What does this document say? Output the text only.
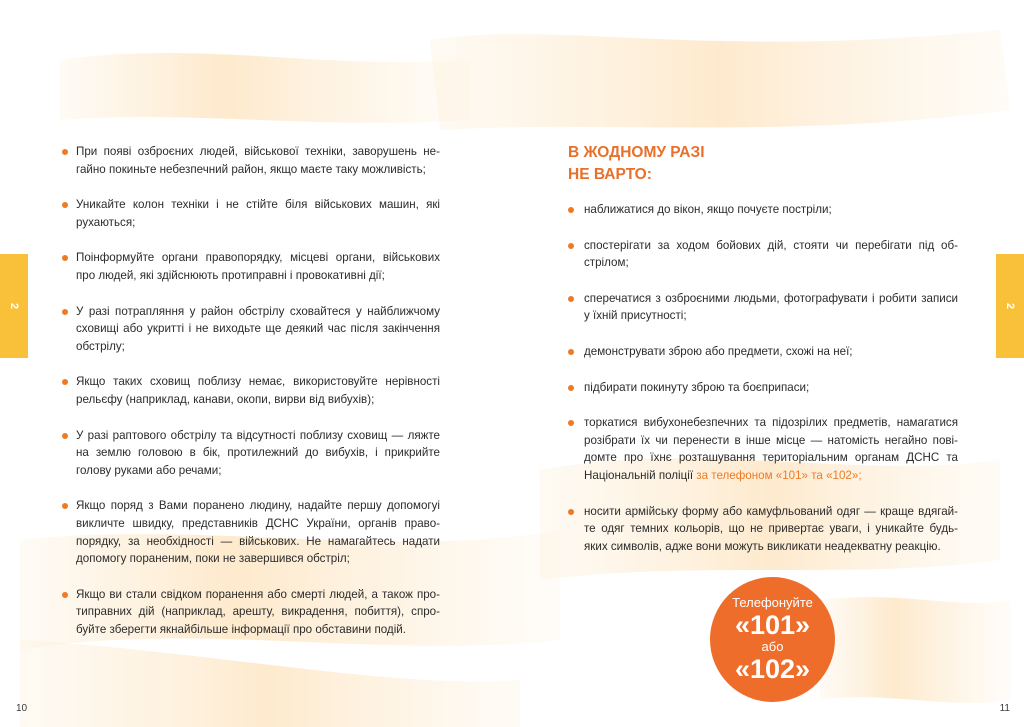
2
При появі озброєних людей, військової техніки, заворушень не-гайно покиньте небезпечний район, якщо маєте таку можливість;
Уникайте колон техніки і не стійте біля військових машин, які рухаються;
Поінформуйте органи правопорядку, місцеві органи, військових про людей, які здійснюють протиправні і провокативні дії;
У разі потрапляння у район обстрілу сховайтеся у найближчому сховищі або укритті і не виходьте ще деякий час після закінчення обстрілу;
Якщо таких сховищ поблизу немає, використовуйте нерівності рельєфу (наприклад, канави, окопи, вирви від вибухів);
У разі раптового обстрілу та відсутності поблизу сховищ — ляжте на землю головою в бік, протилежний до вибухів, і прикрийте голову руками або речами;
Якщо поряд з Вами поранено людину, надайте першу допомогуі викличте швидку, представників ДСНС України, органів право-порядку, за необхідності — військових. Не намагайтесь надати допомогу пораненим, поки не завершився обстріл;
Якщо ви стали свідком поранення або смерті людей, а також про-типравних дій (наприклад, арешту, викрадення, побиття), спро-буйте зберегти якнайбільше інформації про обставини подій.
10
В ЖОДНОМУ РАЗІ
НЕ ВАРТО:
наближатися до вікон, якщо почуєте постріли;
спостерігати за ходом бойових дій, стояти чи перебігати під об-стрілом;
сперечатися з озброєними людьми, фотографувати і робити записи у їхній присутності;
демонструвати зброю або предмети, схожі на неї;
підбирати покинуту зброю та боєприпаси;
торкатися вибухонебезпечних та підозрілих предметів, намагатися розібрати їх чи перенести в інше місце — натомість негайно пові-домте про їхнє розташування територіальним органам ДСНС та Національній поліції за телефоном «101» та «102»;
носити армійську форму або камуфльований одяг — краще вдягай-те одяг темних кольорів, що не привертає уваги, і уникайте будь-яких символів, адже вони можуть викликати неадекватну реакцію.
Телефонуйте
«101»
або
«102»
2
11
